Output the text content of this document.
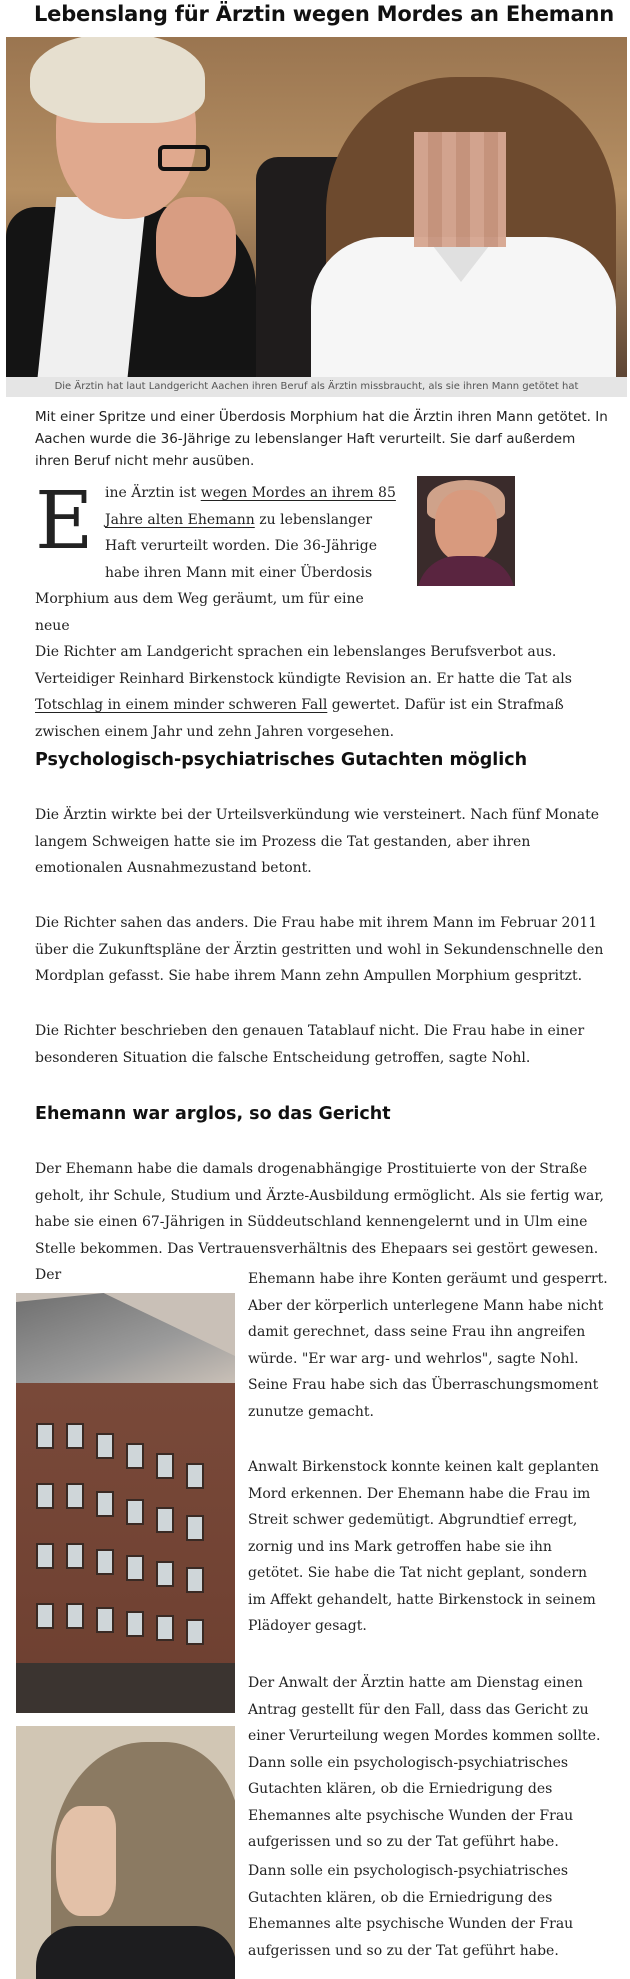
Lebenslang für Ärztin wegen Mordes an Ehemann
Die Ärztin hat laut Landgericht Aachen ihren Beruf als Ärztin missbraucht, als sie ihren Mann getötet hat

Mit einer Spritze und einer Überdosis Morphium hat die Ärztin ihren Mann getötet. In Aachen wurde die 36-Jährige zu lebenslanger Haft verurteilt. Sie darf außerdem ihren Beruf nicht mehr ausüben.

E ine Ärztin ist wegen Mordes an ihrem 85 Jahre alten Ehemann zu lebenslanger Haft verurteilt worden. Die 36-Jährige habe ihren Mann mit einer Überdosis Morphium aus dem Weg geräumt, um für eine neue
Die Richter am Landgericht sprachen ein lebenslanges Berufsverbot aus. Verteidiger Reinhard Birkenstock kündigte Revision an. Er hatte die Tat als Totschlag in einem minder schweren Fall gewertet. Dafür ist ein Strafmaß zwischen einem Jahr und zehn Jahren vorgesehen.

Psychologisch-psychiatrisches Gutachten möglich

Die Ärztin wirkte bei der Urteilsverkündung wie versteinert. Nach fünf Monate langem Schweigen hatte sie im Prozess die Tat gestanden, aber ihren emotionalen Ausnahmezustand betont.

Die Richter sahen das anders. Die Frau habe mit ihrem Mann im Februar 2011 über die Zukunftspläne der Ärztin gestritten und wohl in Sekundenschnelle den Mordplan gefasst. Sie habe ihrem Mann zehn Ampullen Morphium gespritzt.

Die Richter beschrieben den genauen Tatablauf nicht. Die Frau habe in einer besonderen Situation die falsche Entscheidung getroffen, sagte Nohl.

Ehemann war arglos, so das Gericht

Der Ehemann habe die damals drogenabhängige Prostituierte von der Straße geholt, ihr Schule, Studium und Ärzte-Ausbildung ermöglicht. Als sie fertig war, habe sie einen 67-Jährigen in Süddeutschland kennengelernt und in Ulm eine Stelle bekommen. Das Vertrauensverhältnis des Ehepaars sei gestört gewesen. Der	Ehemann habe ihre Konten geräumt und gesperrt. Aber der körperlich unterlegene Mann habe nicht damit gerechnet, dass seine Frau ihn angreifen würde. "Er war arg- und wehrlos", sagte Nohl. Seine Frau habe sich das Überraschungsmoment zunutze gemacht.

Anwalt Birkenstock konnte keinen kalt geplanten Mord erkennen. Der Ehemann habe die Frau im Streit schwer gedemütigt. Abgrundtief erregt, zornig und ins Mark getroffen habe sie ihn getötet. Sie habe die Tat nicht geplant, sondern im Affekt gehandelt, hatte Birkenstock in seinem Plädoyer gesagt.

Der Anwalt der Ärztin hatte am Dienstag einen Antrag gestellt für den Fall, dass das Gericht zu einer Verurteilung wegen Mordes kommen sollte. Dann solle ein psychologisch-psychiatrisches Gutachten klären, ob die Erniedrigung des Ehemannes alte psychische Wunden der Frau aufgerissen und so zu der Tat geführt habe.

Dann solle ein psychologisch-psychiatrisches Gutachten klären, ob die Erniedrigung des Ehemannes alte psychische Wunden der Frau aufgerissen und so zu der Tat geführt habe.
